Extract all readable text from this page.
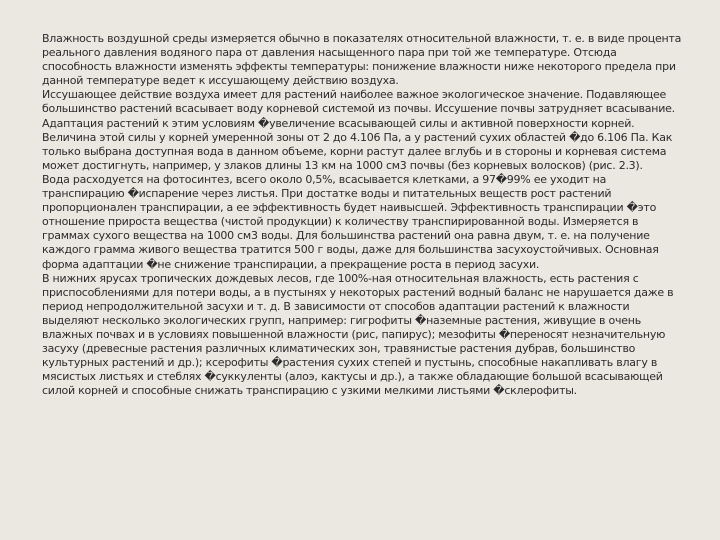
Влажность воздушной среды измеряется обычно в показателях относительной влажности, т. е. в виде процента реального давления водяного пара от давления насыщенного пара при той же температуре. Отсюда способность влажности изменять эффекты температуры: понижение влажности ниже некоторого предела при данной температуре ведет к иссушающему действию воздуха.

Иссушающее действие воздуха имеет для растений наиболее важное экологическое значение. Подавляющее большинство растений всасывает воду корневой системой из почвы. Иссушение почвы затрудняет всасывание. Адаптация растений к этим условиям �увеличение всасывающей силы и активной поверхности корней. Величина этой силы у корней умеренной зоны от 2 до 4.106 Па, а у растений сухих областей �до 6.106 Па. Как только выбрана доступная вода в данном объеме, корни растут далее вглубь и в стороны и корневая система может достигнуть, например, у злаков длины 13 км на 1000 см3 почвы (без корневых волосков) (рис. 2.3).

Вода расходуется на фотосинтез, всего около 0,5%, всасывается клетками, а 97�99% ее уходит на транспирацию �испарение через листья. При достатке воды и питательных веществ рост растений пропорционален транспирации, а ее эффективность будет наивысшей. Эффективность транспирации �это отношение прироста вещества (чистой продукции) к количеству транспирированной воды. Измеряется в граммах сухого вещества на 1000 см3 воды. Для большинства растений она равна двум, т. е. на получение каждого грамма живого вещества тратится 500 г воды, даже для большинства засухоустойчивых. Основная форма адаптации �не снижение транспирации, а прекращение роста в период засухи.

В нижних ярусах тропических дождевых лесов, где 100%-ная относительная влажность, есть растения с приспособлениями для потери воды, а в пустынях у некоторых растений водный баланс не нарушается даже в период непродолжительной засухи и т. д. В зависимости от способов адаптации растений к влажности выделяют несколько экологических групп, например: гигрофиты �наземные растения, живущие в очень влажных почвах и в условиях повышенной влажности (рис, папирус); мезофиты �переносят незначительную засуху (древесные растения различных климатических зон, травянистые растения дубрав, большинство культурных растений и др.); ксерофиты �растения сухих степей и пустынь, способные накапливать влагу в мясистых листьях и стеблях �суккуленты (алоэ, кактусы и др.), а также обладающие большой всасывающей силой корней и способные снижать транспирацию с узкими мелкими листьями �склерофиты.
